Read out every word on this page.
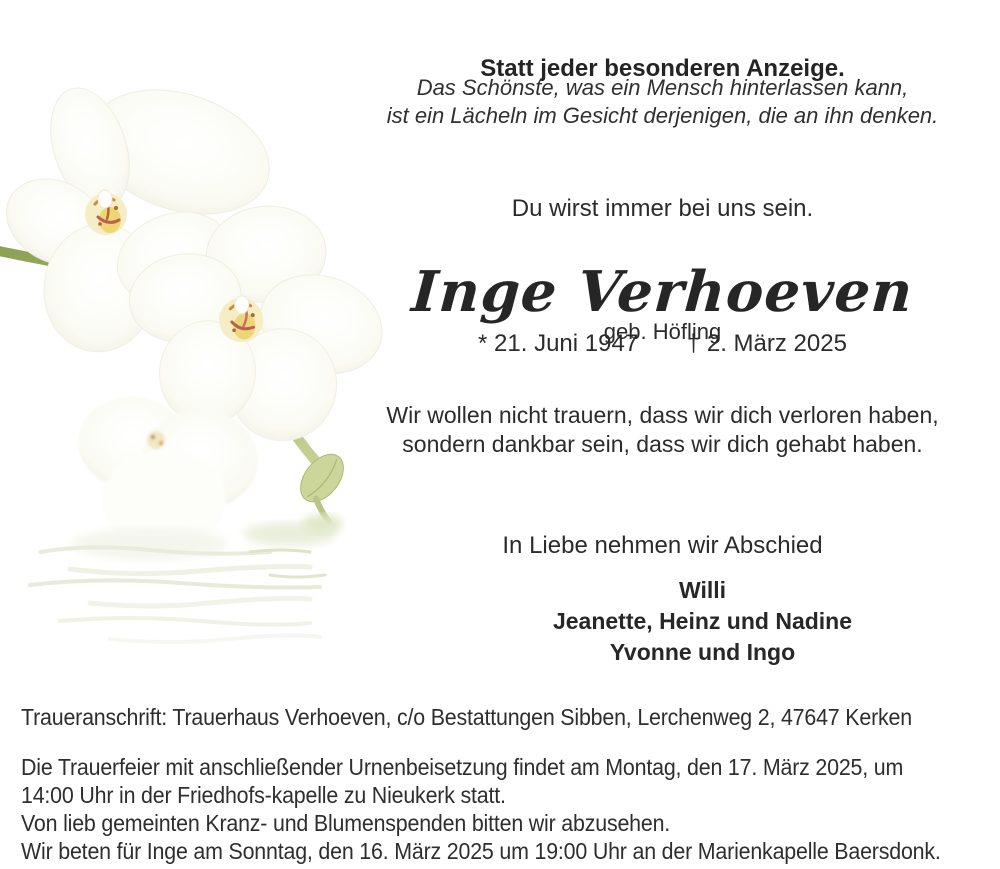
Statt jeder besonderen Anzeige.

Das Schönste, was ein Mensch hinterlassen kann,
ist ein Lächeln im Gesicht derjenigen, die an ihn denken.

Du wirst immer bei uns sein.

Inge Verhoeven

geb. Höfling

* 21. Juni 1947 † 2. März 2025
Wir wollen nicht trauern, dass wir dich verloren haben,
sondern dankbar sein, dass wir dich gehabt haben.

In Liebe nehmen wir Abschied

Willi
Jeanette, Heinz und Nadine
Yvonne und Ingo

Traueranschrift: Trauerhaus Verhoeven, c/o Bestattungen Sibben, Lerchenweg 2, 47647 Kerken

Die Trauerfeier mit anschließender Urnenbeisetzung findet am Montag, den 17. März 2025, um

14:00 Uhr in der Friedhofs-kapelle zu Nieukerk statt.

Von lieb gemeinten Kranz- und Blumenspenden bitten wir abzusehen.

Wir beten für Inge am Sonntag, den 16. März 2025 um 19:00 Uhr an der Marienkapelle Baersdonk.
